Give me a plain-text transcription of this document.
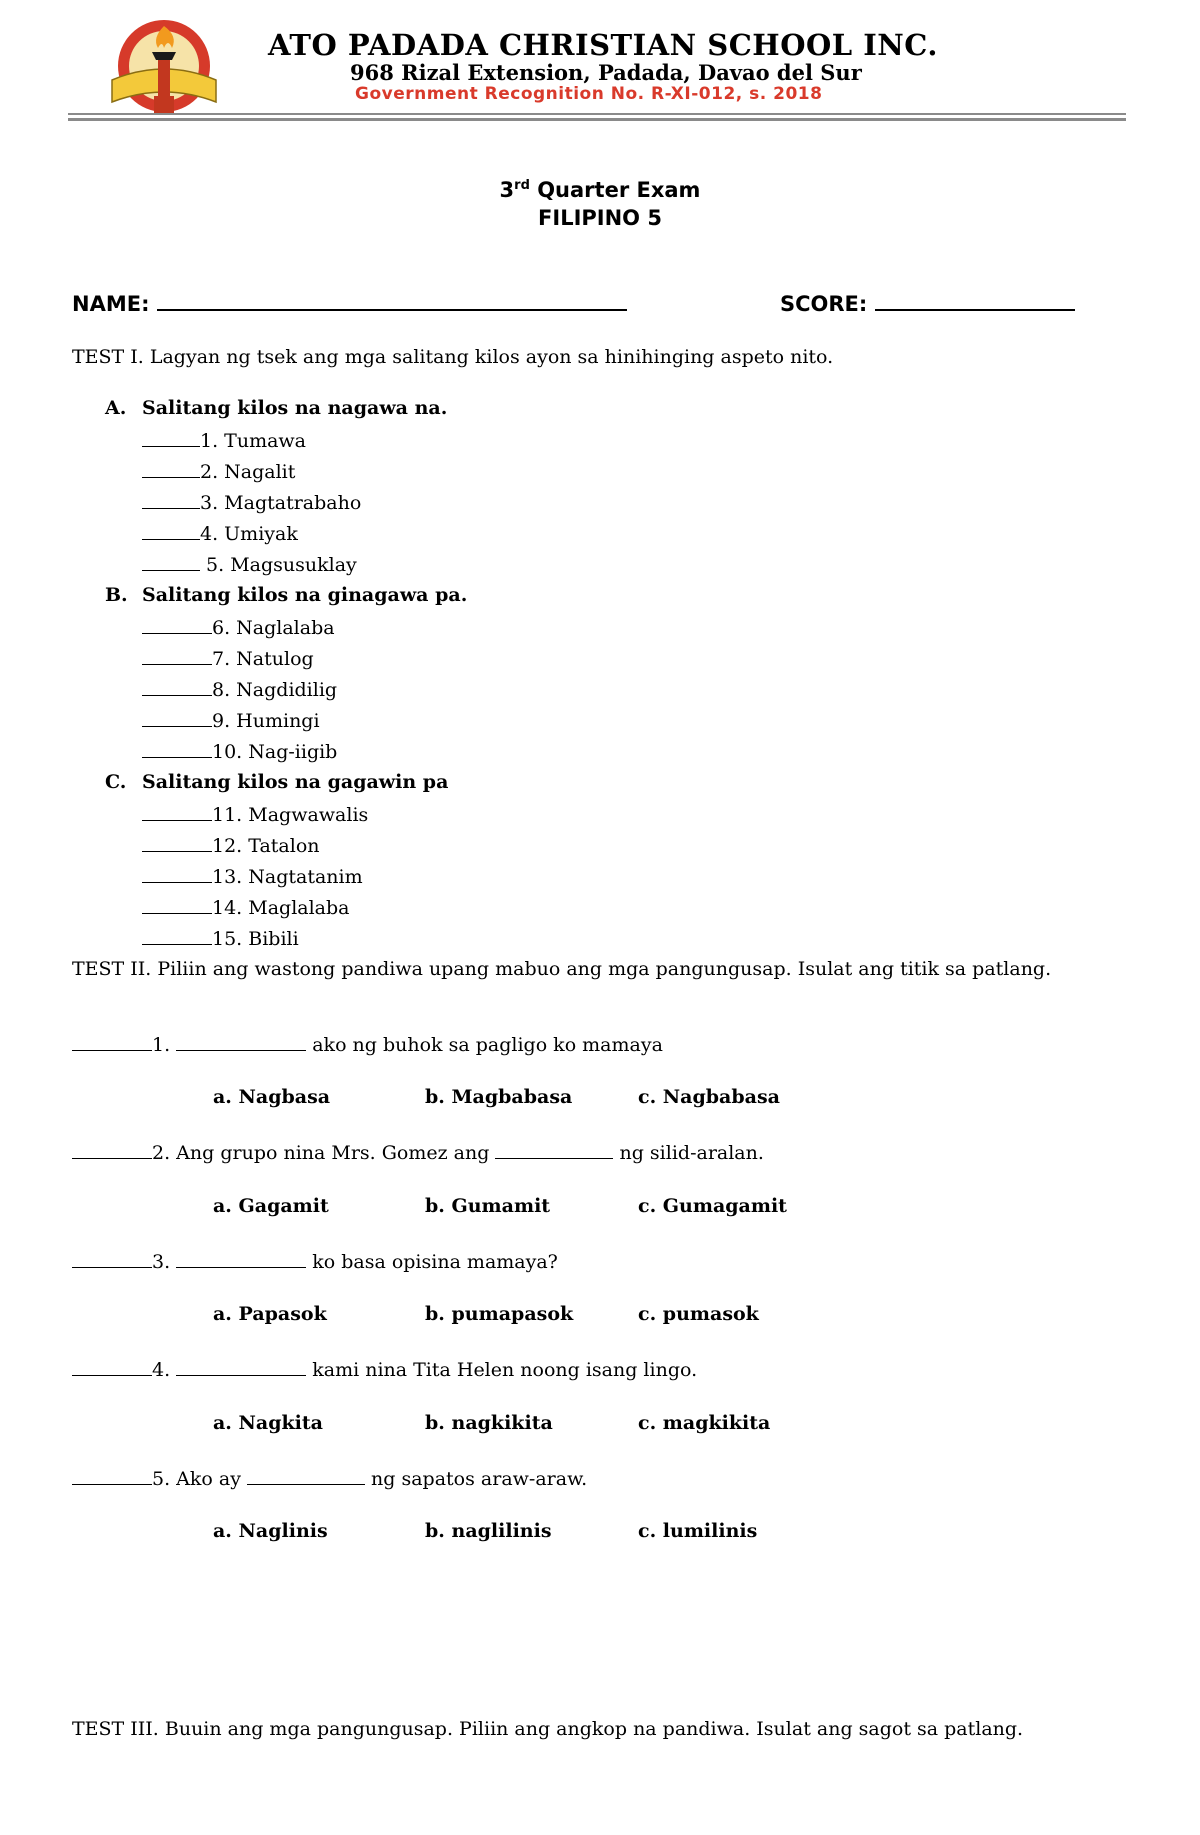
ATO PADADA CHRISTIAN SCHOOL INC.
968 Rizal Extension, Padada, Davao del Sur
Government Recognition No. R-XI-012, s. 2018
3rd Quarter Exam
FILIPINO 5
NAME:	SCORE:
TEST I. Lagyan ng tsek ang mga salitang kilos ayon sa hinihinging aspeto nito.
A. Salitang kilos na nagawa na.
1. Tumawa
2. Nagalit
3. Magtatrabaho
4. Umiyak
5. Magsusuklay
B. Salitang kilos na ginagawa pa.
6. Naglalaba
7. Natulog
8. Nagdidilig
9. Humingi
10. Nag-iigib
C. Salitang kilos na gagawin pa
11. Magwawalis
12. Tatalon
13. Nagtatanim
14. Maglalaba
15. Bibili
TEST II. Piliin ang wastong pandiwa upang mabuo ang mga pangungusap. Isulat ang titik sa patlang.
1.	ako ng buhok sa pagligo ko mamaya
a. Nagbasa	b. Magbabasa	c. Nagbabasa
2. Ang grupo nina Mrs. Gomez ang	ng silid-aralan.
a. Gagamit	b. Gumamit	c. Gumagamit
3.	ko basa opisina mamaya?
a. Papasok	b. pumapasok	c. pumasok
4.	kami nina Tita Helen noong isang lingo.
a. Nagkita	b. nagkikita	c. magkikita
5. Ako ay	ng sapatos araw-araw.
a. Naglinis	b. naglilinis	c. lumilinis
TEST III. Buuin ang mga pangungusap. Piliin ang angkop na pandiwa. Isulat ang sagot sa patlang.
